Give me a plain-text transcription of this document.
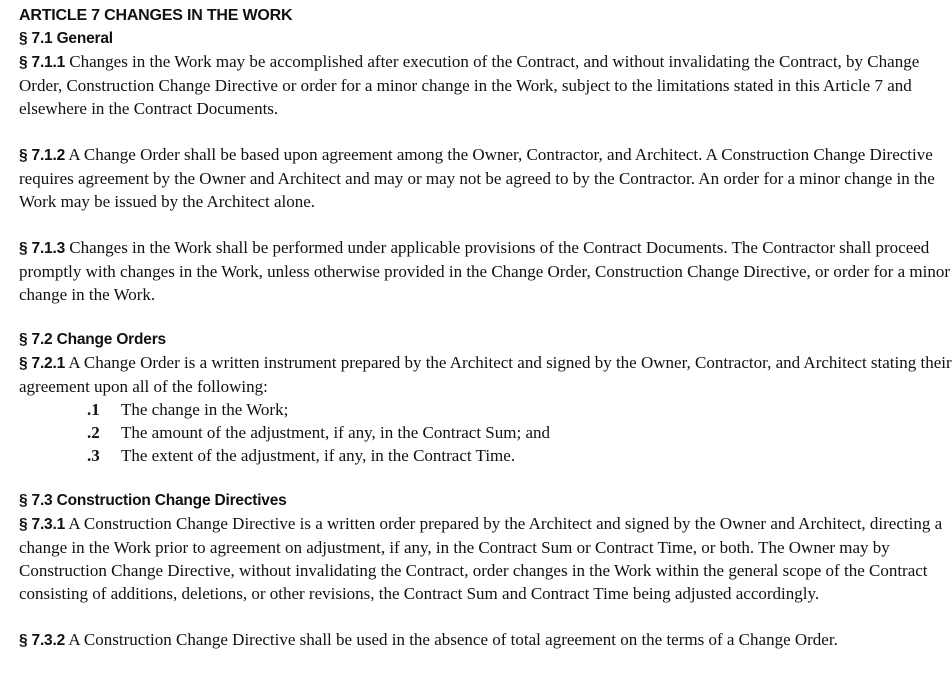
ARTICLE 7 CHANGES IN THE WORK
§ 7.1 General

§ 7.1.1 Changes in the Work may be accomplished after execution of the Contract, and without invalidating the Contract, by Change Order, Construction Change Directive or order for a minor change in the Work, subject to the limitations stated in this Article 7 and elsewhere in the Contract Documents.

§ 7.1.2 A Change Order shall be based upon agreement among the Owner, Contractor, and Architect. A Construction Change Directive requires agreement by the Owner and Architect and may or may not be agreed to by the Contractor. An order for a minor change in the Work may be issued by the Architect alone.

§ 7.1.3 Changes in the Work shall be performed under applicable provisions of the Contract Documents. The Contractor shall proceed promptly with changes in the Work, unless otherwise provided in the Change Order, Construction Change Directive, or order for a minor change in the Work.

§ 7.2 Change Orders

§ 7.2.1 A Change Order is a written instrument prepared by the Architect and signed by the Owner, Contractor, and Architect stating their agreement upon all of the following:

.1 The change in the Work;
.2 The amount of the adjustment, if any, in the Contract Sum; and
.3 The extent of the adjustment, if any, in the Contract Time.
§ 7.3 Construction Change Directives

§ 7.3.1 A Construction Change Directive is a written order prepared by the Architect and signed by the Owner and Architect, directing a change in the Work prior to agreement on adjustment, if any, in the Contract Sum or Contract Time, or both. The Owner may by Construction Change Directive, without invalidating the Contract, order changes in the Work within the general scope of the Contract consisting of additions, deletions, or other revisions, the Contract Sum and Contract Time being adjusted accordingly.

§ 7.3.2 A Construction Change Directive shall be used in the absence of total agreement on the terms of a Change Order.
